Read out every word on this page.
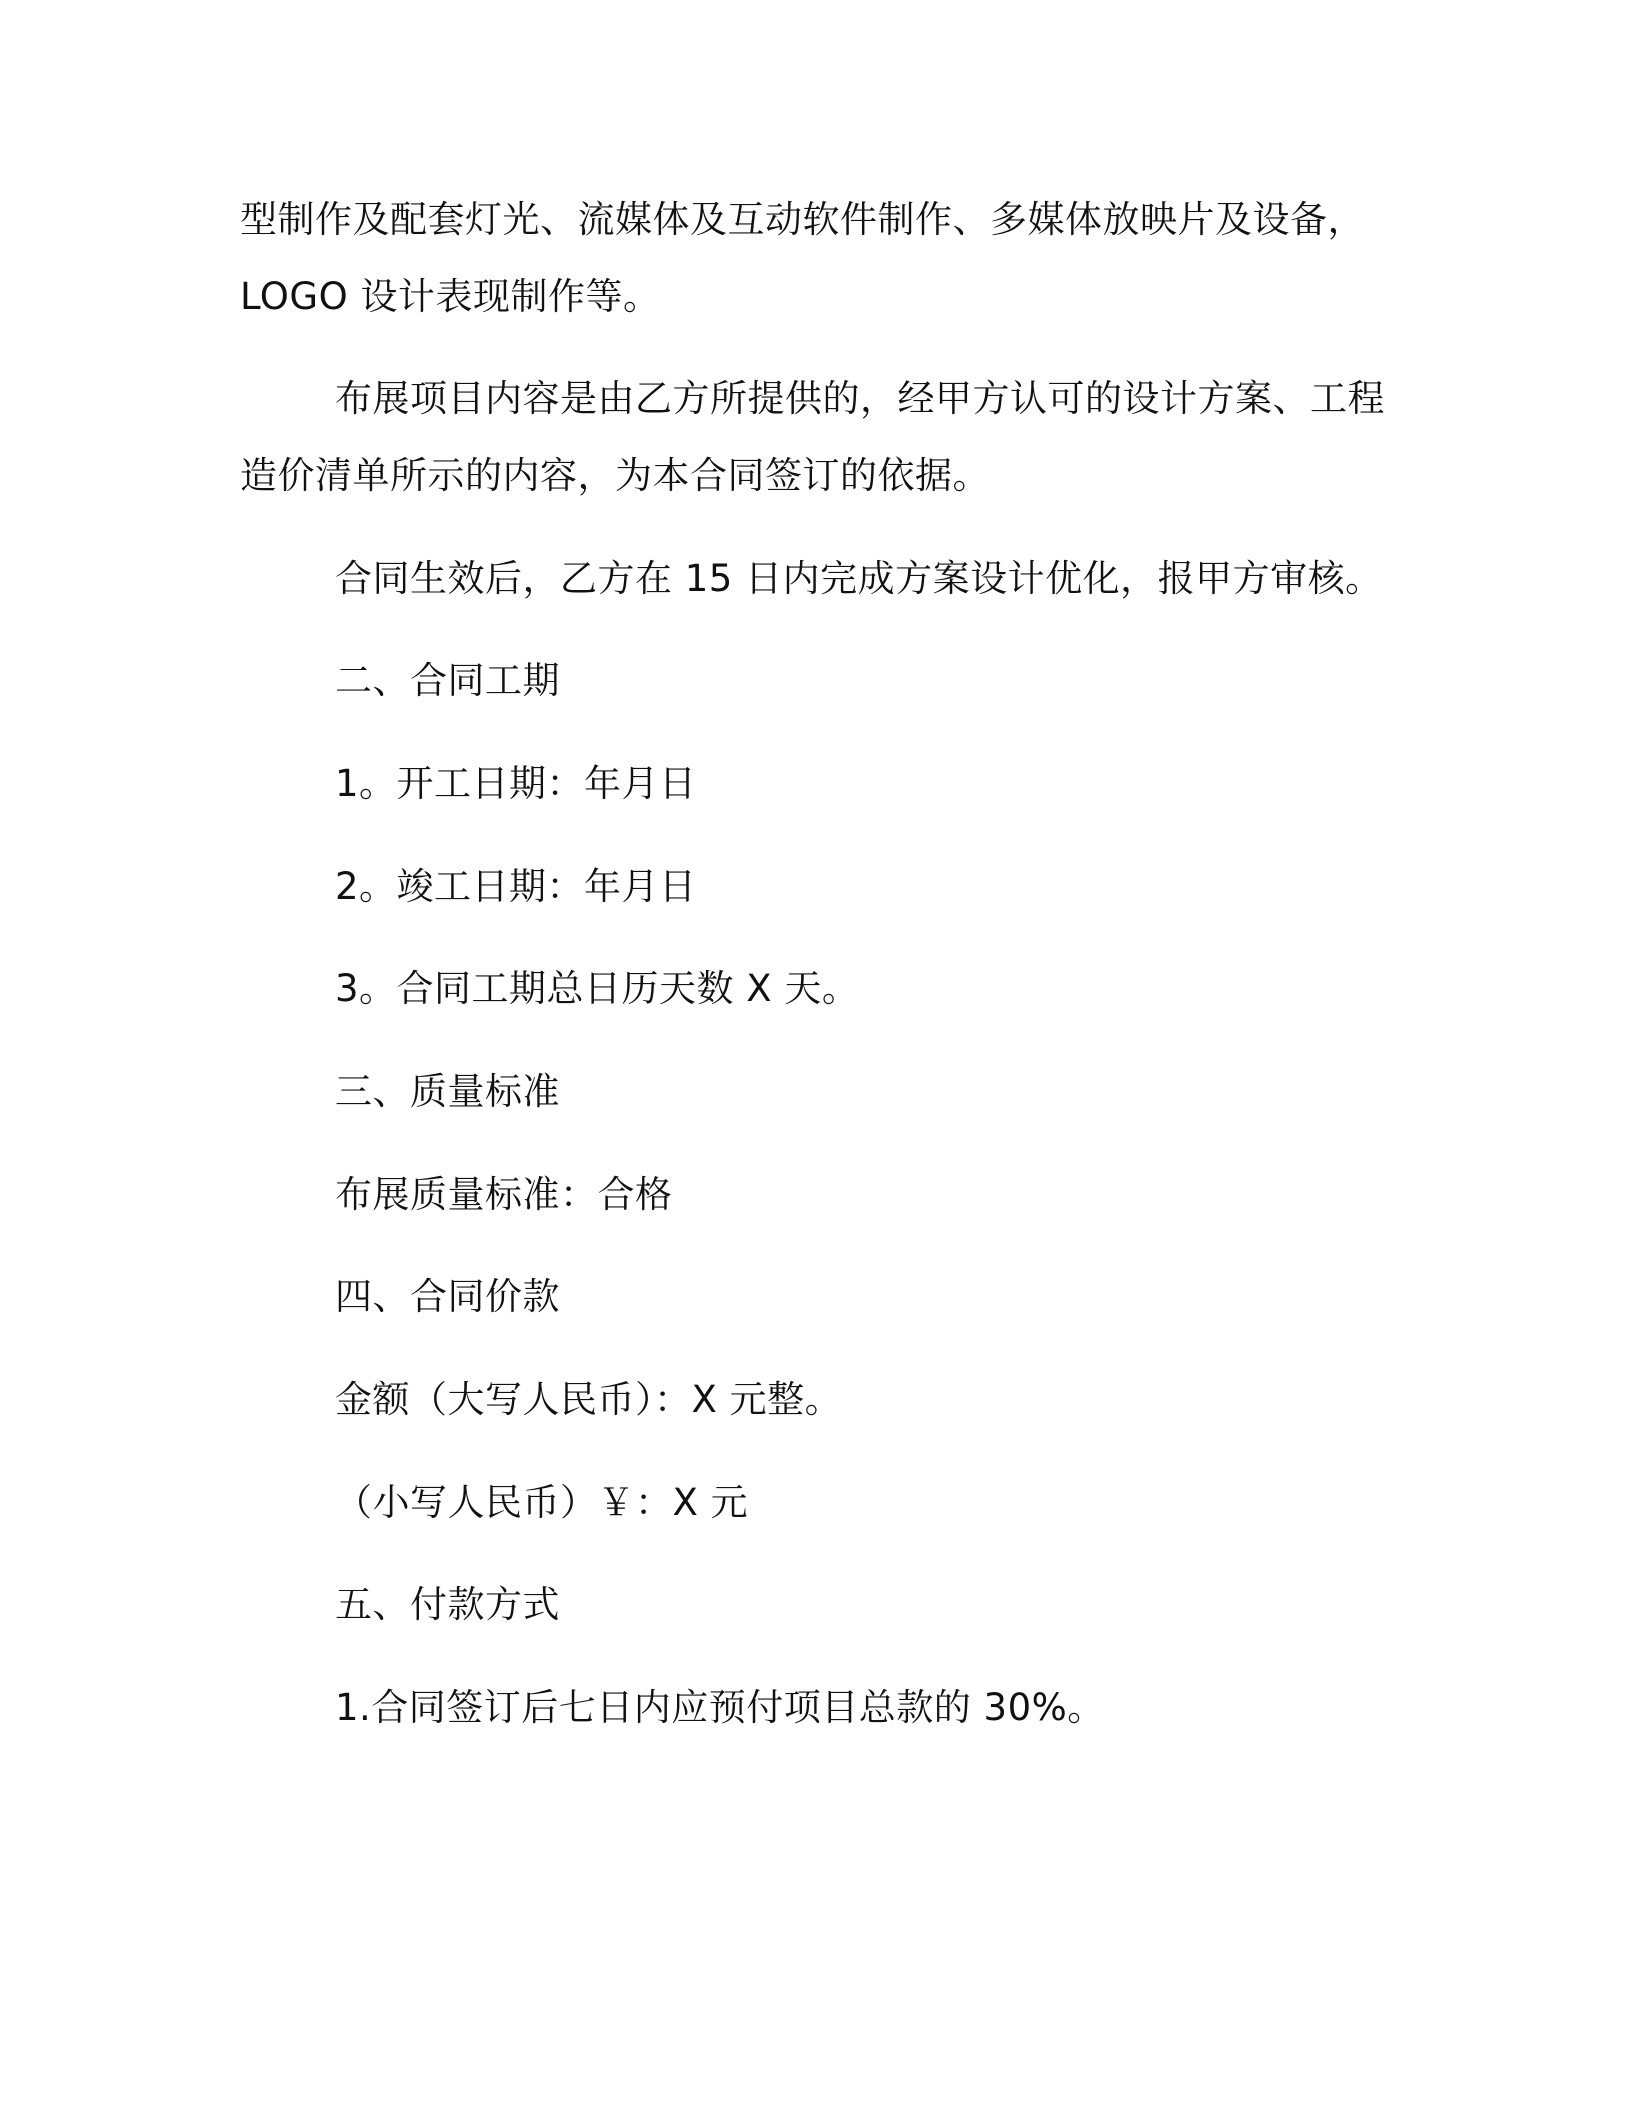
型制作及配套灯光、流媒体及互动软件制作、多媒体放映片及设备，
LOGO 设计表现制作等。
布展项目内容是由乙方所提供的，经甲方认可的设计方案、工程
造价清单所示的内容，为本合同签订的依据。
合同生效后，乙方在 15 日内完成方案设计优化，报甲方审核。
二、合同工期
1。开工日期：年月日
2。竣工日期：年月日
3。合同工期总日历天数 X 天。
三、质量标准
布展质量标准：合格
四、合同价款
金额（大写人民币）：X 元整。
（小写人民币）￥：X 元
五、付款方式
1.合同签订后七日内应预付项目总款的 30%。
